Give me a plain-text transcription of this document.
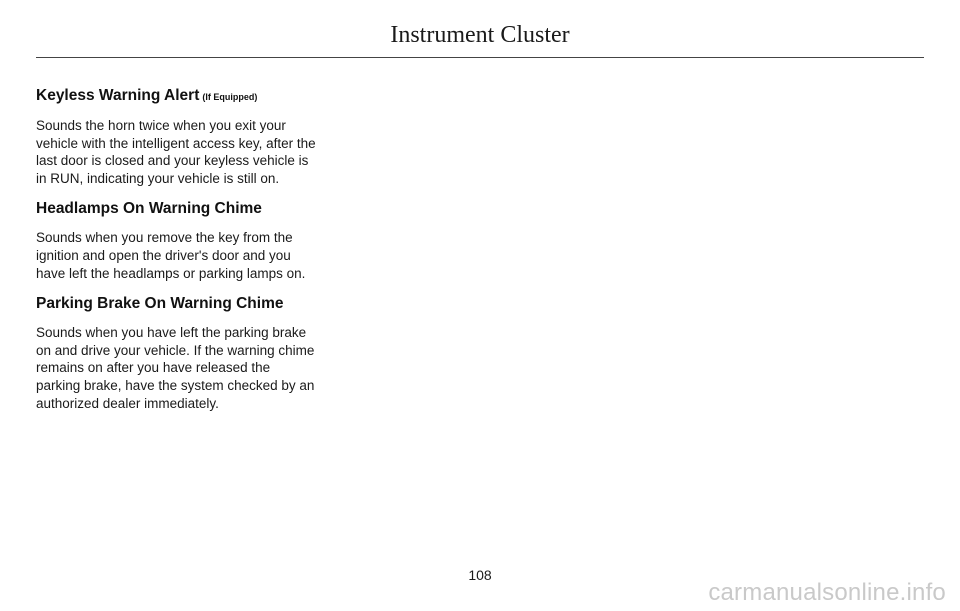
Instrument Cluster
Keyless Warning Alert (If Equipped)

Sounds the horn twice when you exit your vehicle with the intelligent access key, after the last door is closed and your keyless vehicle is in RUN, indicating your vehicle is still on.

Headlamps On Warning Chime

Sounds when you remove the key from the ignition and open the driver's door and you have left the headlamps or parking lamps on.

Parking Brake On Warning Chime

Sounds when you have left the parking brake on and drive your vehicle. If the warning chime remains on after you have released the parking brake, have the system checked by an authorized dealer immediately.

108
carmanualsonline.info
